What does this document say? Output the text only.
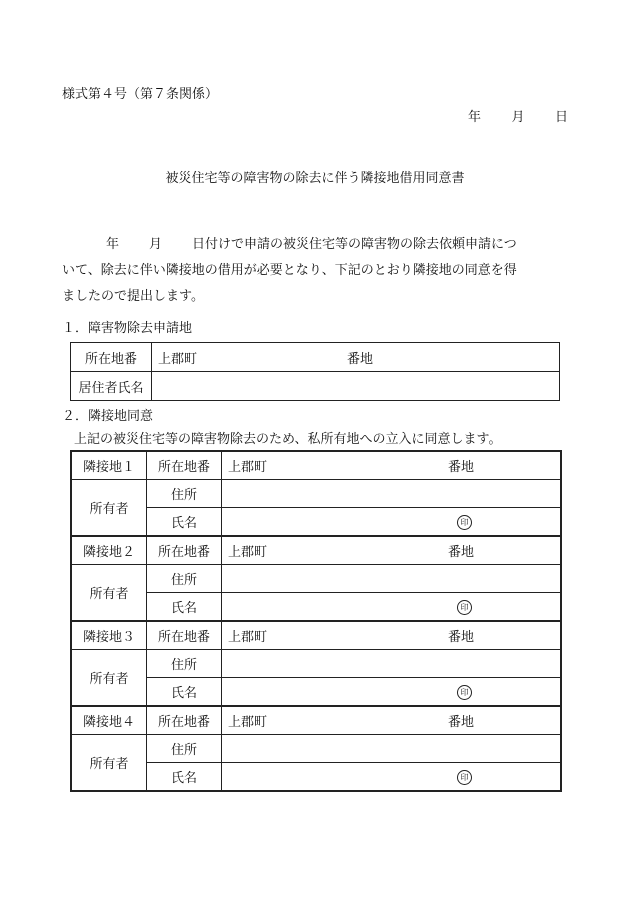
様式第４号（第７条関係）
年 月 日
被災住宅等の障害物の除去に伴う隣接地借用同意書
年 月 日付けで申請の被災住宅等の障害物の除去依頼申請につ
いて、除去に伴い隣接地の借用が必要となり、下記のとおり隣接地の同意を得
ましたので提出します。
１．障害物除去申請地
所在地番	上郡町 番地
居住者氏名	
２．隣接地同意
上記の被災住宅等の障害物除去のため、私所有地への立入に同意します。
隣接地１	所在地番	上郡町 番地

所有者	住所	
	氏名	印

隣接地２	所在地番	上郡町 番地

所有者	住所	
	氏名	印

隣接地３	所在地番	上郡町 番地

所有者	住所	
	氏名	印

隣接地４	所在地番	上郡町 番地

所有者	住所	
	氏名	印
